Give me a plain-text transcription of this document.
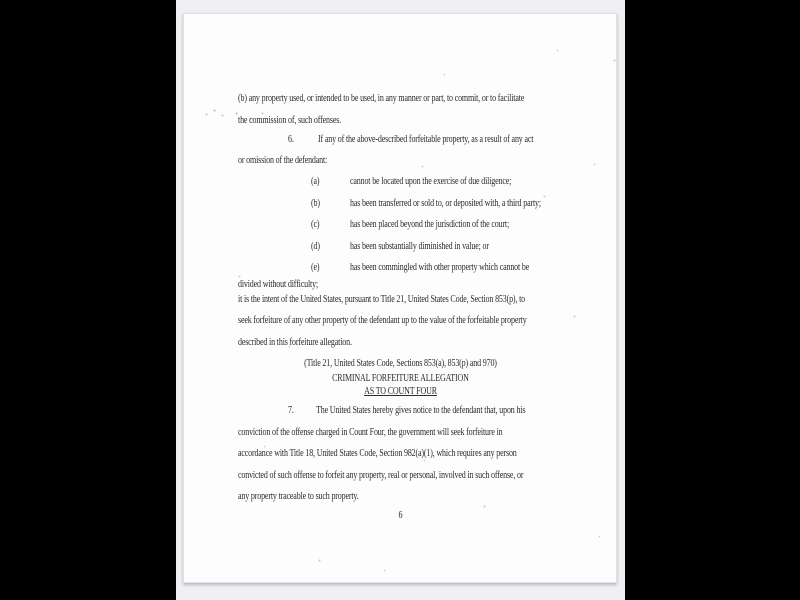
(b) any property used, or intended to be used, in any manner or part, to commit, or to facilitate
the commission of, such offenses.
6. If any of the above-described forfeitable property, as a result of any act
or omission of the defendant:
(a)	cannot be located upon the exercise of due diligence;
(b)	has been transferred or sold to, or deposited with, a third party;
(c)	has been placed beyond the jurisdiction of the court;
(d)	has been substantially diminished in value; or
(e)	has been commingled with other property which cannot be
divided without difficulty;
it is the intent of the United States, pursuant to Title 21, United States Code, Section 853(p), to
seek forfeiture of any other property of the defendant up to the value of the forfeitable property
described in this forfeiture allegation.
(Title 21, United States Code, Sections 853(a), 853(p) and 970)
CRIMINAL FORFEITURE ALLEGATION
AS TO COUNT FOUR
7. The United States hereby gives notice to the defendant that, upon his
conviction of the offense charged in Count Four, the government will seek forfeiture in
accordance with Title 18, United States Code, Section 982(a)(1), which requires any person
convicted of such offense to forfeit any property, real or personal, involved in such offense, or
any property traceable to such property.
6
